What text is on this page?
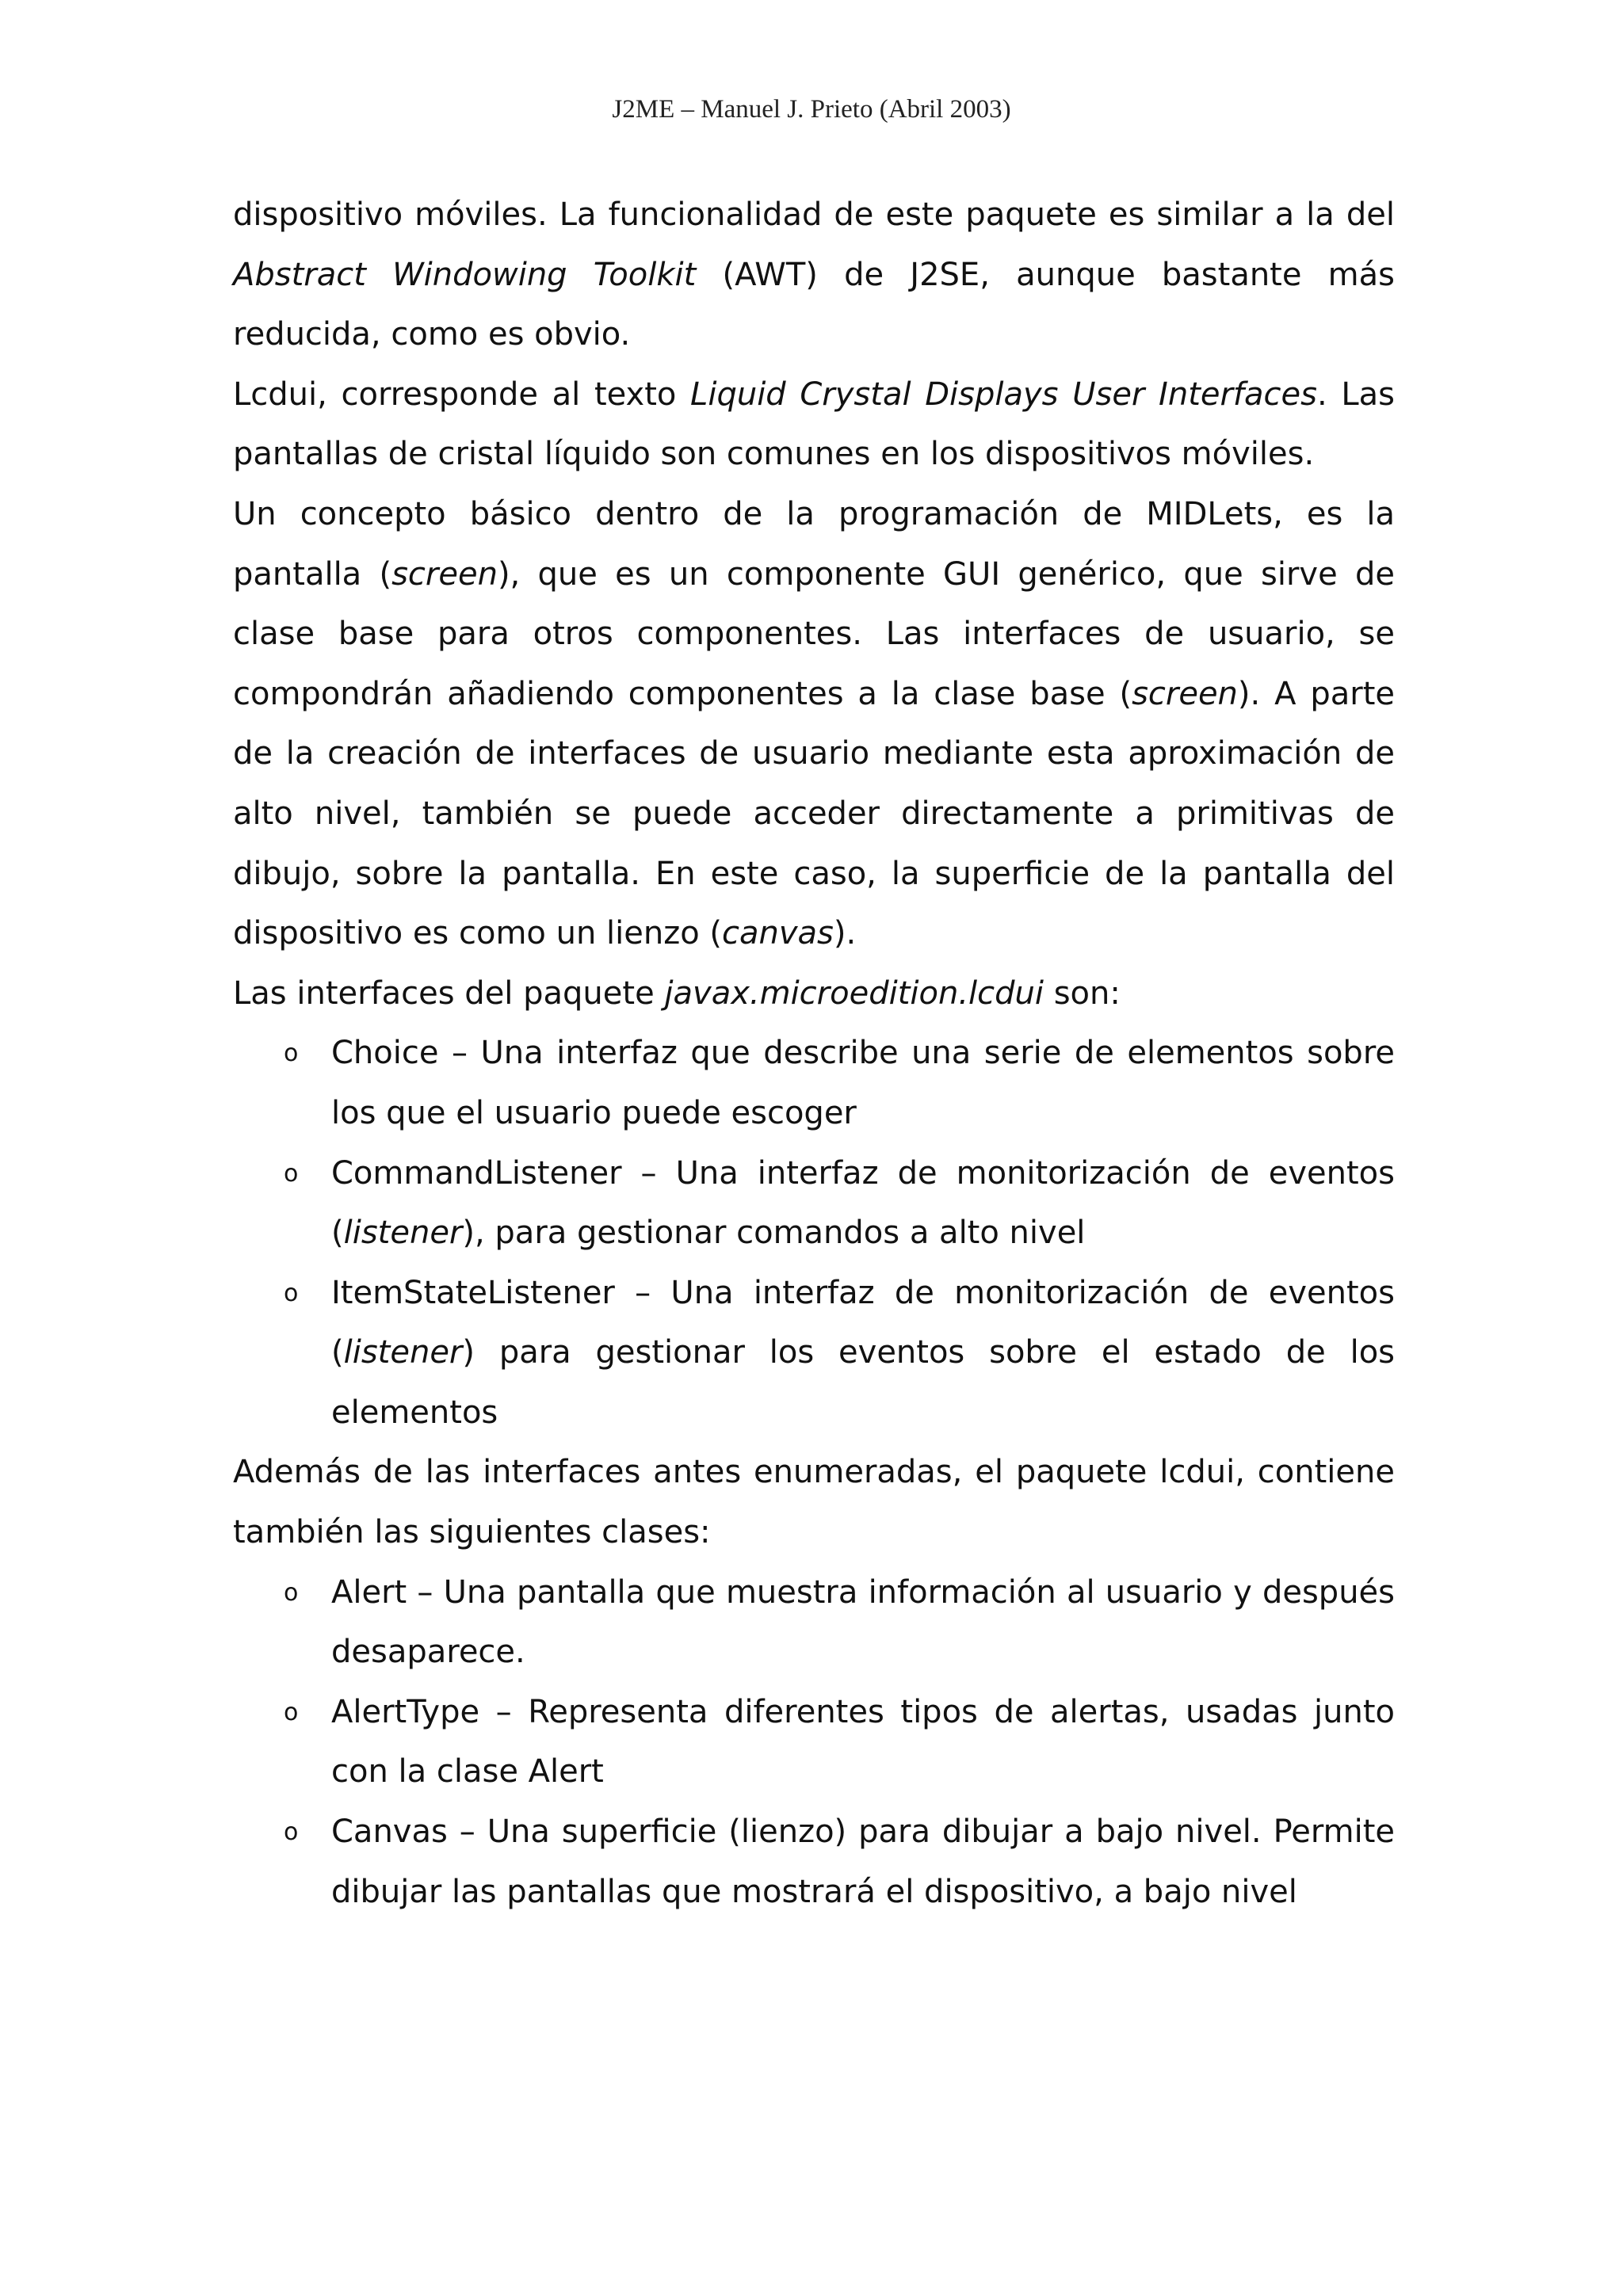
J2ME – Manuel J. Prieto (Abril 2003)

dispositivo móviles. La funcionalidad de este paquete es similar a la del Abstract Windowing Toolkit (AWT) de J2SE, aunque bastante más reducida, como es obvio.

Lcdui, corresponde al texto Liquid Crystal Displays User Interfaces. Las pantallas de cristal líquido son comunes en los dispositivos móviles.

Un concepto básico dentro de la programación de MIDLets, es la pantalla (screen), que es un componente GUI genérico, que sirve de clase base para otros componentes. Las interfaces de usuario, se compondrán añadiendo componentes a la clase base (screen). A parte de la creación de interfaces de usuario mediante esta aproximación de alto nivel, también se puede acceder directamente a primitivas de dibujo, sobre la pantalla. En este caso, la superficie de la pantalla del dispositivo es como un lienzo (canvas).

Las interfaces del paquete javax.microedition.lcdui son:

o Choice – Una interfaz que describe una serie de elementos sobre los que el usuario puede escoger
o CommandListener – Una interfaz de monitorización de eventos (listener), para gestionar comandos a alto nivel
o ItemStateListener – Una interfaz de monitorización de eventos (listener) para gestionar los eventos sobre el estado de los elementos

Además de las interfaces antes enumeradas, el paquete lcdui, contiene también las siguientes clases:

o Alert – Una pantalla que muestra información al usuario y después desaparece.
o AlertType – Representa diferentes tipos de alertas, usadas junto con la clase Alert
o Canvas – Una superficie (lienzo) para dibujar a bajo nivel. Permite dibujar las pantallas que mostrará el dispositivo, a bajo nivel
